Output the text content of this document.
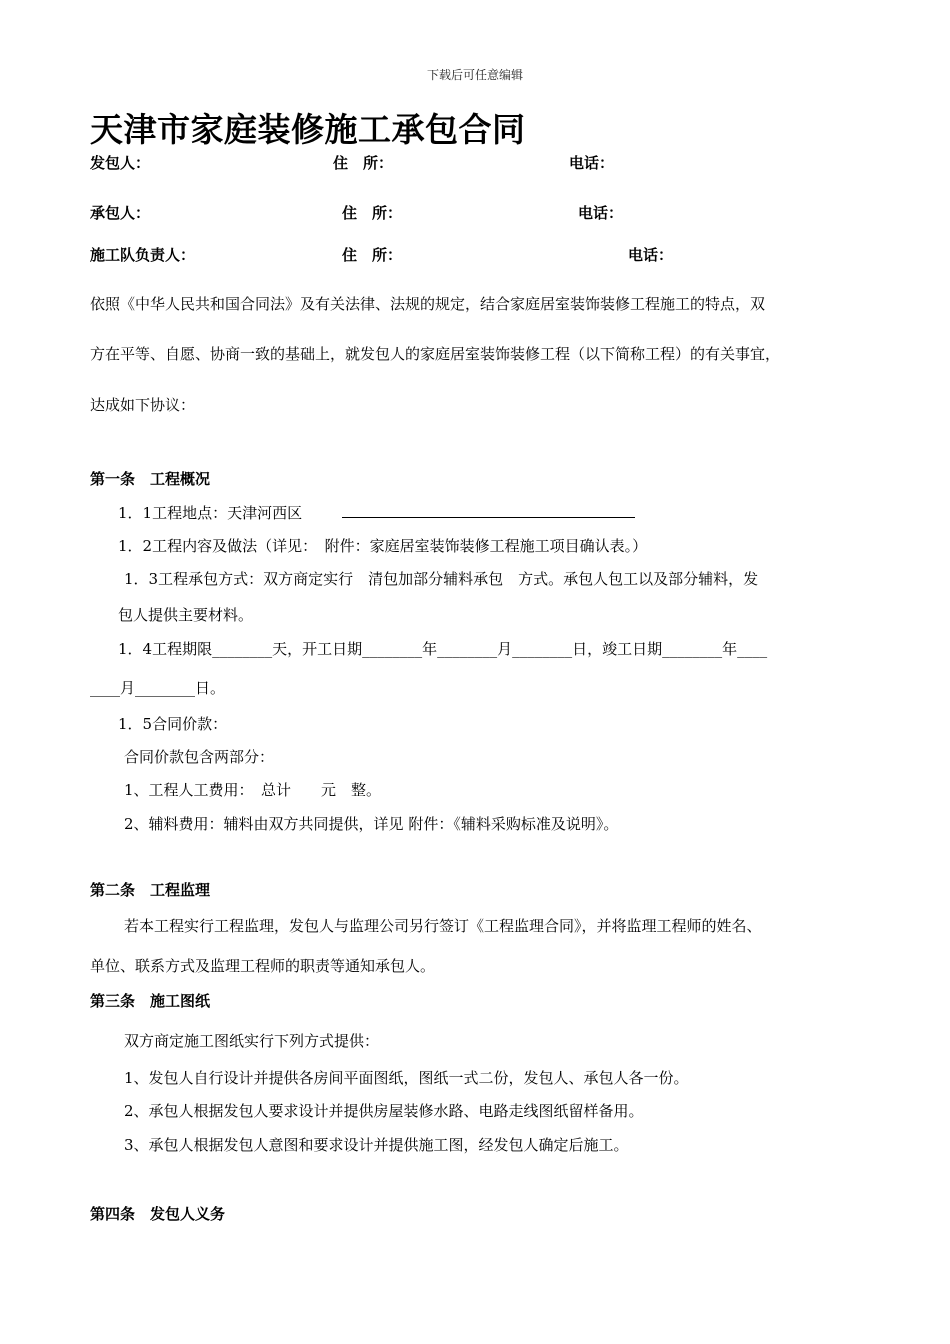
下载后可任意编辑
天津市家庭装修施工承包合同
发包人：	住　所：	电话：
承包人：	住　所：	电话：
施工队负责人：	住　所：	电话：
依照《中华人民共和国合同法》及有关法律、法规的规定，结合家庭居室装饰装修工程施工的特点，双
方在平等、自愿、协商一致的基础上，就发包人的家庭居室装饰装修工程（以下简称工程）的有关事宜，
达成如下协议：
第一条　工程概况
1．1工程地点：天津河西区
1．2工程内容及做法（详见：　附件：家庭居室装饰装修工程施工项目确认表。）
1．3工程承包方式：双方商定实行　清包加部分辅料承包　方式。承包人包工以及部分辅料，发
包人提供主要材料。
1．4工程期限________天，开工日期________年________月________日，竣工日期________年____
____月________日。
1．5合同价款：
合同价款包含两部分：
1、工程人工费用：　总计　　元　整。
2、辅料费用：辅料由双方共同提供，详见 附件：《辅料采购标准及说明》。
第二条　工程监理
若本工程实行工程监理，发包人与监理公司另行签订《工程监理合同》，并将监理工程师的姓名、
单位、联系方式及监理工程师的职责等通知承包人。
第三条　施工图纸
双方商定施工图纸实行下列方式提供：
1、发包人自行设计并提供各房间平面图纸，图纸一式二份，发包人、承包人各一份。
2、承包人根据发包人要求设计并提供房屋装修水路、电路走线图纸留样备用。
3、承包人根据发包人意图和要求设计并提供施工图，经发包人确定后施工。
第四条　发包人义务
